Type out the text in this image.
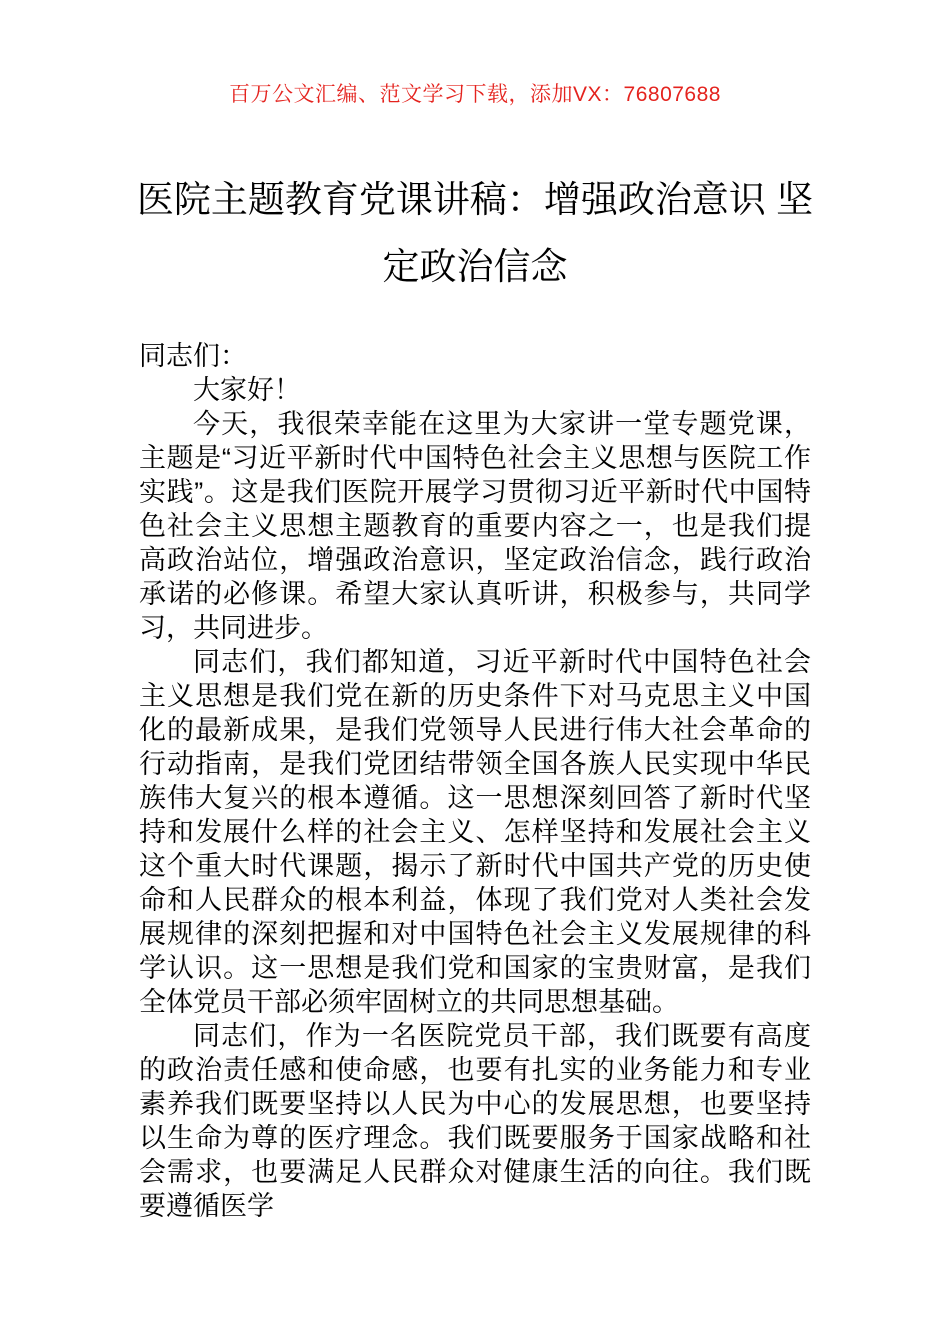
百万公文汇编、范文学习下载，添加VX：76807688

医院主题教育党课讲稿：增强政治意识 坚定政治信念

同志们：

大家好！

今天，我很荣幸能在这里为大家讲一堂专题党课，主题是“习近平新时代中国特色社会主义思想与医院工作实践”。这是我们医院开展学习贯彻习近平新时代中国特色社会主义思想主题教育的重要内容之一，也是我们提高政治站位，增强政治意识，坚定政治信念，践行政治承诺的必修课。希望大家认真听讲，积极参与，共同学习，共同进步。

同志们，我们都知道，习近平新时代中国特色社会主义思想是我们党在新的历史条件下对马克思主义中国化的最新成果，是我们党领导人民进行伟大社会革命的行动指南，是我们党团结带领全国各族人民实现中华民族伟大复兴的根本遵循。这一思想深刻回答了新时代坚持和发展什么样的社会主义、怎样坚持和发展社会主义这个重大时代课题，揭示了新时代中国共产党的历史使命和人民群众的根本利益，体现了我们党对人类社会发展规律的深刻把握和对中国特色社会主义发展规律的科学认识。这一思想是我们党和国家的宝贵财富，是我们全体党员干部必须牢固树立的共同思想基础。

同志们，作为一名医院党员干部，我们既要有高度的政治责任感和使命感，也要有扎实的业务能力和专业素养我们既要坚持以人民为中心的发展思想，也要坚持以生命为尊的医疗理念。我们既要服务于国家战略和社会需求，也要满足人民群众对健康生活的向往。我们既要遵循医学
